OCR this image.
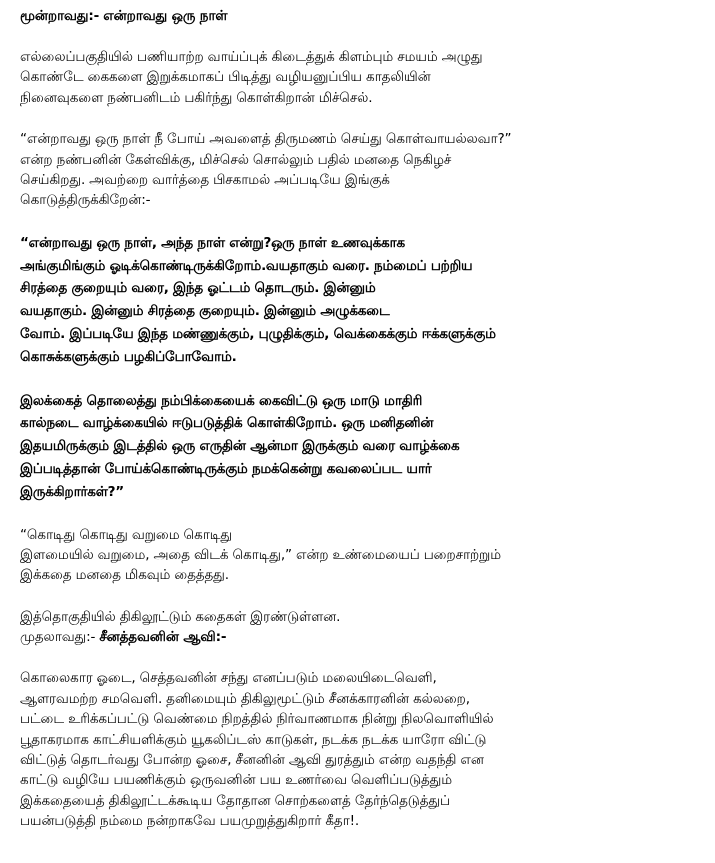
மூன்றாவது:- என்றாவது ஒரு நாள்
எல்லைப்பகுதியில் பணியாற்ற வாய்ப்புக் கிடைத்துக் கிளம்பும் சமயம் அழுது
கொண்டே கைகளை இறுக்கமாகப் பிடித்து வழியனுப்பிய காதலியின்
நினைவுகளை நண்பனிடம் பகிர்ந்து கொள்கிறான் மிச்செல்.
“என்றாவது ஒரு நாள் நீ போய் அவளைத் திருமணம் செய்து கொள்வாயல்லவா?”
என்ற நண்பனின் கேள்விக்கு, மிச்செல் சொல்லும் பதில் மனதை நெகிழச்
செய்கிறது. அவற்றை வார்த்தை பிசகாமல் அப்படியே இங்குக்
கொடுத்திருக்கிறேன்:-
“என்றாவது ஒரு நாள், அந்த நாள் என்று?ஒரு நாள் உணவுக்காக
அங்குமிங்கும் ஓடிக்கொண்டிருக்கிறோம்.வயதாகும் வரை. நம்மைப் பற்றிய
சிரத்தை குறையும் வரை, இந்த ஓட்டம் தொடரும். இன்னும்
வயதாகும். இன்னும் சிரத்தை குறையும். இன்னும் அழுக்கடை
வோம். இப்படியே இந்த மண்ணுக்கும், புழுதிக்கும், வெக்கைக்கும் ஈக்களுக்கும்
கொசுக்களுக்கும் பழகிப்போவோம்.
இலக்கைத் தொலைத்து நம்பிக்கையைக் கைவிட்டு ஒரு மாடு மாதிரி
கால்நடை வாழ்க்கையில் ஈடுபடுத்திக் கொள்கிறோம். ஒரு மனிதனின்
இதயமிருக்கும் இடத்தில் ஒரு எருதின் ஆன்மா இருக்கும் வரை வாழ்க்கை
இப்படித்தான் போய்க்கொண்டிருக்கும் நமக்கென்று கவலைப்பட யார்
இருக்கிறார்கள்?”
“கொடிது கொடிது வறுமை கொடிது
இளமையில் வறுமை, அதை விடக் கொடிது,” என்ற உண்மையைப் பறைசாற்றும்
இக்கதை மனதை மிகவும் தைத்தது.
இத்தொகுதியில் திகிலூட்டும் கதைகள் இரண்டுள்ளன.
முதலாவது:- சீனத்தவனின் ஆவி:-
கொலைகார ஓடை, செத்தவனின் சந்து எனப்படும் மலையிடைவெளி,
ஆளரவமற்ற சமவெளி. தனிமையும் திகிலுமூட்டும் சீனக்காரனின் கல்லறை,
பட்டை உரிக்கப்பட்டு வெண்மை நிறத்தில் நிர்வாணமாக நின்று நிலவொளியில்
பூதாகரமாக காட்சியளிக்கும் யூகலிப்டஸ் காடுகள், நடக்க நடக்க யாரோ விட்டு
விட்டுத் தொடர்வது போன்ற ஓசை, சீனனின் ஆவி துரத்தும் என்ற வதந்தி என
காட்டு வழியே பயணிக்கும் ஒருவனின் பய உணர்வை வெளிப்படுத்தும்
இக்கதையைத் திகிலூட்டக்கூடிய தோதான சொற்களைத் தேர்ந்தெடுத்துப்
பயன்படுத்தி நம்மை நன்றாகவே பயமுறுத்துகிறார் கீதா!.
